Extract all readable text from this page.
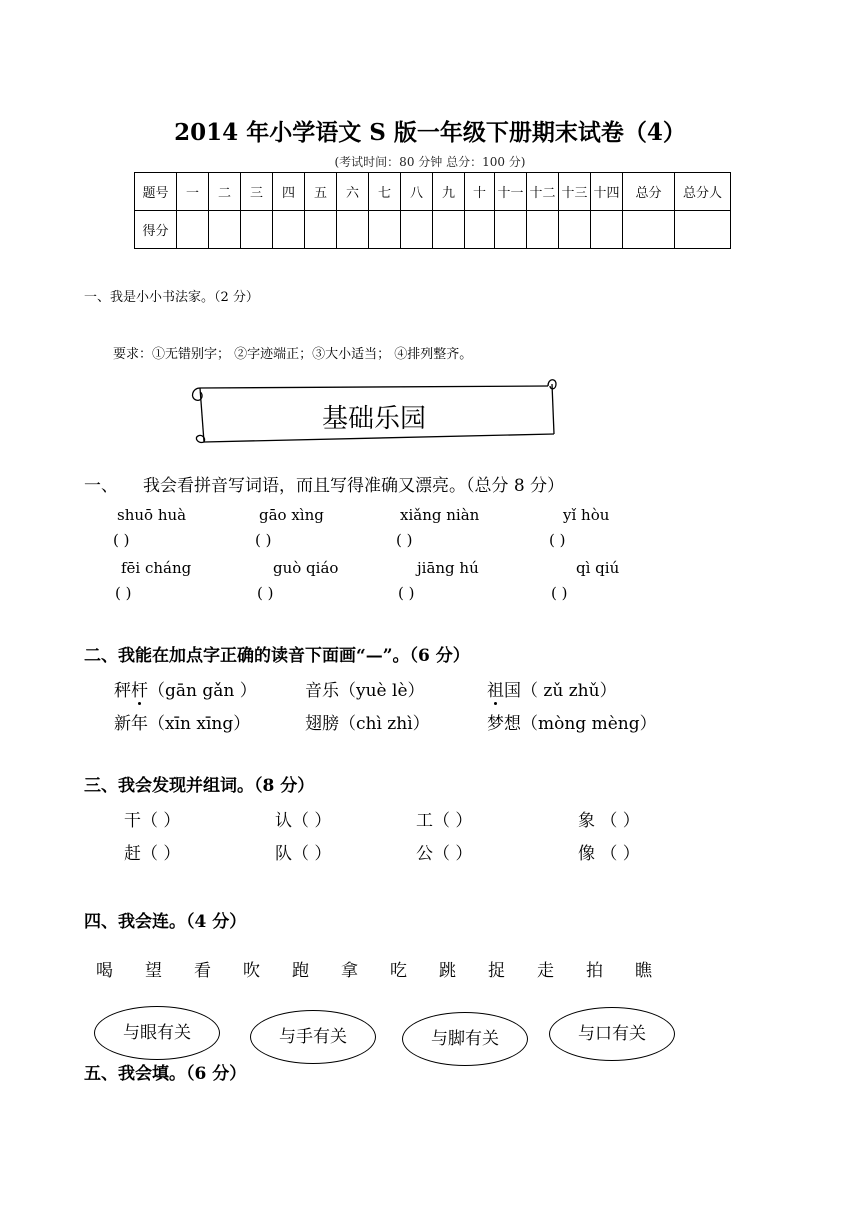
2014 年小学语文 S 版一年级下册期末试卷（4）
(考试时间：80 分钟 总分：100 分)
题号	一	二	三	四	五	六	七	八	九	十	十一	十二	十三	十四	总分	总分人
得分																
一、我是小小书法家。（2 分）
要求：①无错别字； ②字迹端正；③大小适当； ④排列整齐。
基础乐园
一、 我会看拼音写词语，而且写得准确又漂亮。（总分 8 分）
shuō huà	gāo xìng	xiǎng niàn	yǐ hòu
( )	( )	( )	( )
fēi cháng	guò qiáo	jiāng hú	qì qiú
( )	( )	( )	( )
二、我能在加点字正确的读音下面画“—”。（6 分）
秤杆（gān gǎn ）	音乐（yuè lè）	祖国（ zǔ zhǔ）
新年（xīn xīng）	翅膀（chì zhì）	梦想（mòng mèng）
三、我会发现并组词。（8 分）
干（ ）	认（ ）	工（ ）	象 （ ）
赶（ ）	队（ ）	公（ ）	像 （ ）
四、我会连。（4 分）
喝 望 看 吹 跑 拿 吃 跳 捉 走 拍 瞧
与眼有关	与手有关	与脚有关	与口有关
五、我会填。（6 分）
